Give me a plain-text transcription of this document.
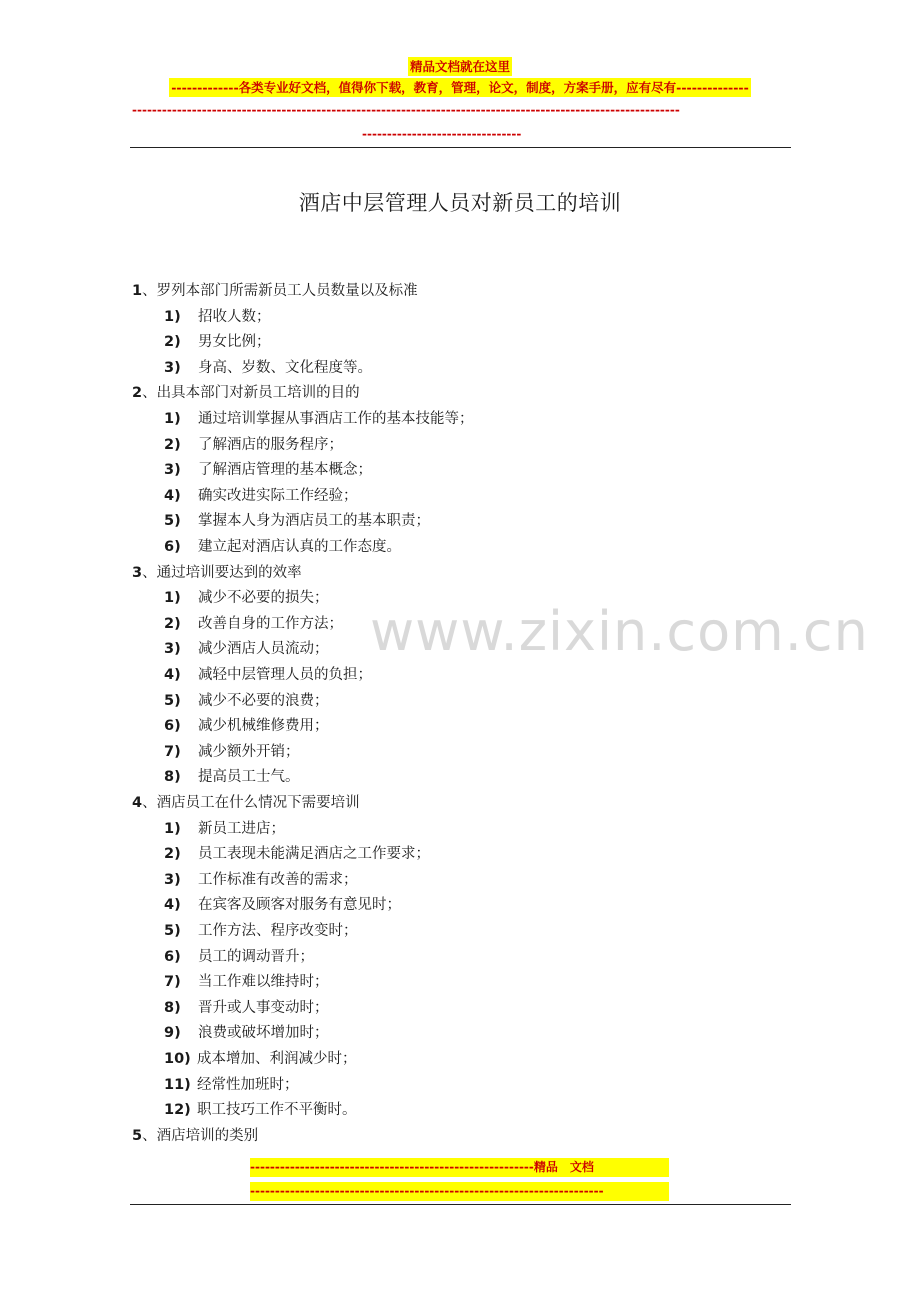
精品文档就在这里
-------------各类专业好文档，值得你下载，教育，管理，论文，制度，方案手册，应有尽有--------------
--------------------------------------------------------------------------------------------------------------
--------------------------------
酒店中层管理人员对新员工的培训
www.zixin.com.cn
1、罗列本部门所需新员工人员数量以及标准
1) 招收人数；
2) 男女比例；
3) 身高、岁数、文化程度等。
2、出具本部门对新员工培训的目的
1) 通过培训掌握从事酒店工作的基本技能等；
2) 了解酒店的服务程序；
3) 了解酒店管理的基本概念；
4) 确实改进实际工作经验；
5) 掌握本人身为酒店员工的基本职责；
6) 建立起对酒店认真的工作态度。
3、通过培训要达到的效率
1) 减少不必要的损失；
2) 改善自身的工作方法；
3) 减少酒店人员流动；
4) 减轻中层管理人员的负担；
5) 减少不必要的浪费；
6) 减少机械维修费用；
7) 减少额外开销；
8) 提高员工士气。
4、酒店员工在什么情况下需要培训
1) 新员工进店；
2) 员工表现未能满足酒店之工作要求；
3) 工作标准有改善的需求；
4) 在宾客及顾客对服务有意见时；
5) 工作方法、程序改变时；
6) 员工的调动晋升；
7) 当工作难以维持时；
8) 晋升或人事变动时；
9) 浪费或破坏增加时；
10) 成本增加、利润减少时；
11) 经常性加班时；
12) 职工技巧工作不平衡时。
5、酒店培训的类别
---------------------------------------------------------精品　文档
-----------------------------------------------------------------------
